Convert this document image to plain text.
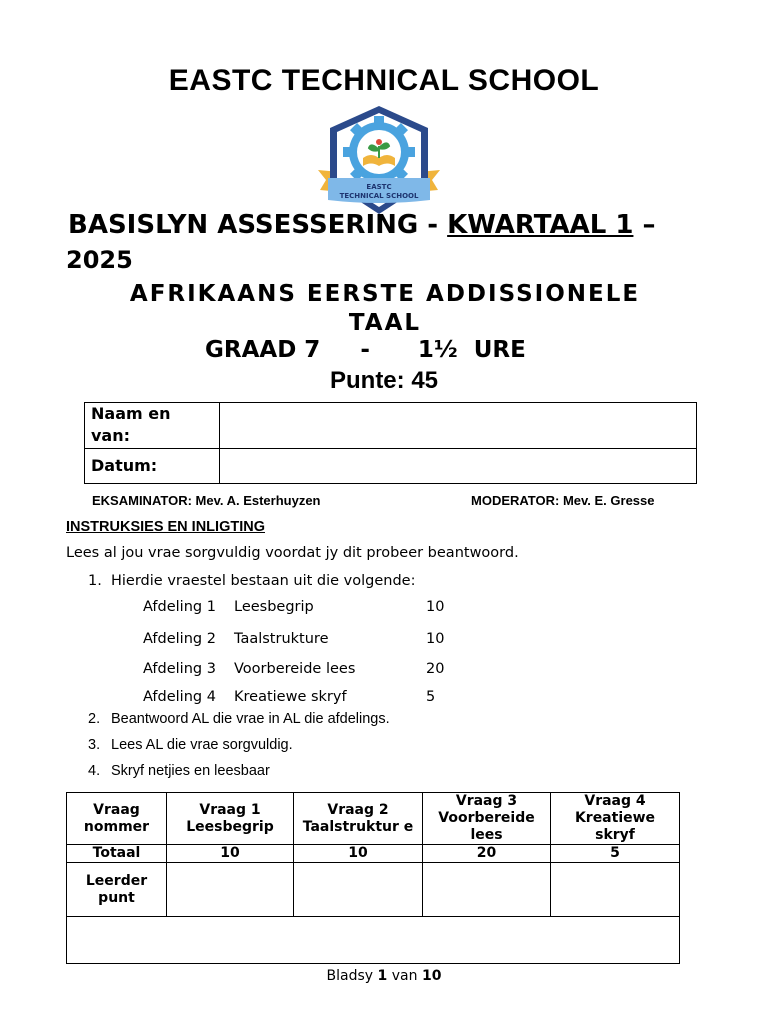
EASTC TECHNICAL SCHOOL
EASTC
TECHNICAL SCHOOL
BASISLYN ASSESSERING - KWARTAAL 1 –
2025
AFRIKAANS EERSTE ADDISSIONELE TAAL
GRAAD 7     -      1½  URE
Punte: 45
Naam en van:	
Datum:	
EKSAMINATOR: Mev. A. Esterhuyzen	MODERATOR: Mev. E. Gresse
INSTRUKSIES EN INLIGTING
Lees al jou vrae sorgvuldig voordat jy dit probeer beantwoord.
1. Hierdie vraestel bestaan uit die volgende:
Afdeling 1 Leesbegrip	10
Afdeling 2 Taalstrukture	10
Afdeling 3 Voorbereide lees	20
Afdeling 4 Kreatiewe skryf	5
2. Beantwoord AL die vrae in AL die afdelings.
3. Lees AL die vrae sorgvuldig.
4. Skryf netjies en leesbaar
Vraag nommer	Vraag 1 Leesbegrip	Vraag 2 Taalstruktur e	Vraag 3 Voorbereide lees	Vraag 4 Kreatiewe skryf
Totaal	10	10	20	5
Leerder punt				

Bladsy 1 van 10
